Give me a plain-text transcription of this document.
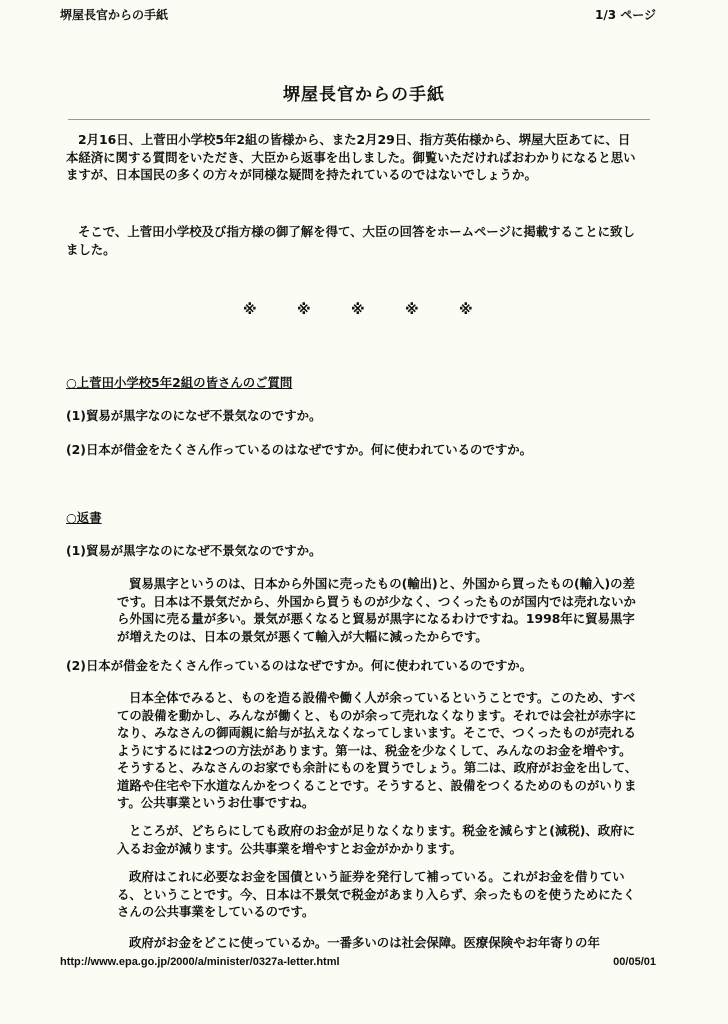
堺屋長官からの手紙	1/3 ページ
堺屋長官からの手紙
2月16日、上菅田小学校5年2組の皆様から、また2月29日、指方英佑様から、堺屋大臣あてに、日本経済に関する質問をいただき、大臣から返事を出しました。御覧いただければおわかりになると思いますが、日本国民の多くの方々が同様な疑問を持たれているのではないでしょうか。
そこで、上菅田小学校及び指方様の御了解を得て、大臣の回答をホームページに掲載することに致しました。
※	※	※	※	※
○上菅田小学校5年2組の皆さんのご質問
(1)貿易が黒字なのになぜ不景気なのですか。
(2)日本が借金をたくさん作っているのはなぜですか。何に使われているのですか。
○返書
(1)貿易が黒字なのになぜ不景気なのですか。
貿易黒字というのは、日本から外国に売ったもの(輸出)と、外国から買ったもの(輸入)の差です。日本は不景気だから、外国から買うものが少なく、つくったものが国内では売れないから外国に売る量が多い。景気が悪くなると貿易が黒字になるわけですね。1998年に貿易黒字が増えたのは、日本の景気が悪くて輸入が大幅に減ったからです。
(2)日本が借金をたくさん作っているのはなぜですか。何に使われているのですか。
日本全体でみると、ものを造る設備や働く人が余っているということです。このため、すべての設備を動かし、みんなが働くと、ものが余って売れなくなります。それでは会社が赤字になり、みなさんの御両親に給与が払えなくなってしまいます。そこで、つくったものが売れるようにするには2つの方法があります。第一は、税金を少なくして、みんなのお金を増やす。そうすると、みなさんのお家でも余計にものを買うでしょう。第二は、政府がお金を出して、道路や住宅や下水道なんかをつくることです。そうすると、設備をつくるためのものがいります。公共事業というお仕事ですね。
ところが、どちらにしても政府のお金が足りなくなります。税金を減らすと(減税)、政府に入るお金が減ります。公共事業を増やすとお金がかかります。
政府はこれに必要なお金を国債という証券を発行して補っている。これがお金を借りている、ということです。今、日本は不景気で税金があまり入らず、余ったものを使うためにたくさんの公共事業をしているのです。
政府がお金をどこに使っているか。一番多いのは社会保障。医療保険やお年寄りの年
http://www.epa.go.jp/2000/a/minister/0327a-letter.html	00/05/01
